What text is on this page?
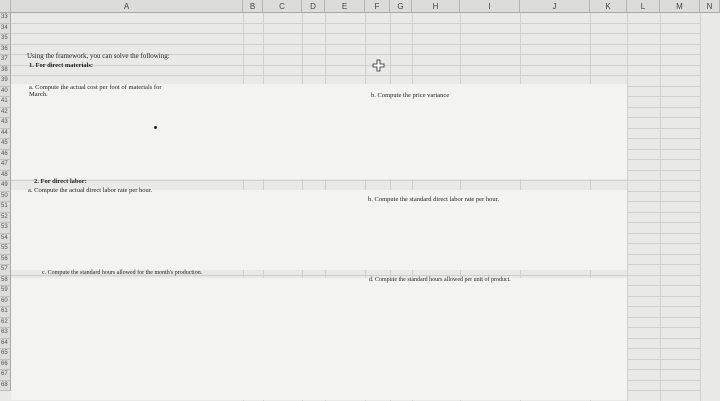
A	B	C	D	E	F	G	H	I	J	K	L	M	N
33
34
35
36
37
38
39
40
41
42
43
44
45
46
47
48
49
50
51
52
53
54
55
56
57
58
59
60
61
62
63
64
65
66
67
68
Using the framework, you can solve the following:
1. For direct materials:
a. Compute the actual cost per foot of materials for
March.	b. Compute the price variance
2. For direct labor:
a. Compute the actual direct labor rate per hour.
b. Compute the standard direct labor rate per hour.
c. Compute the standard hours allowed for the month's production.
d. Compute the standard hours allowed per unit of product.
